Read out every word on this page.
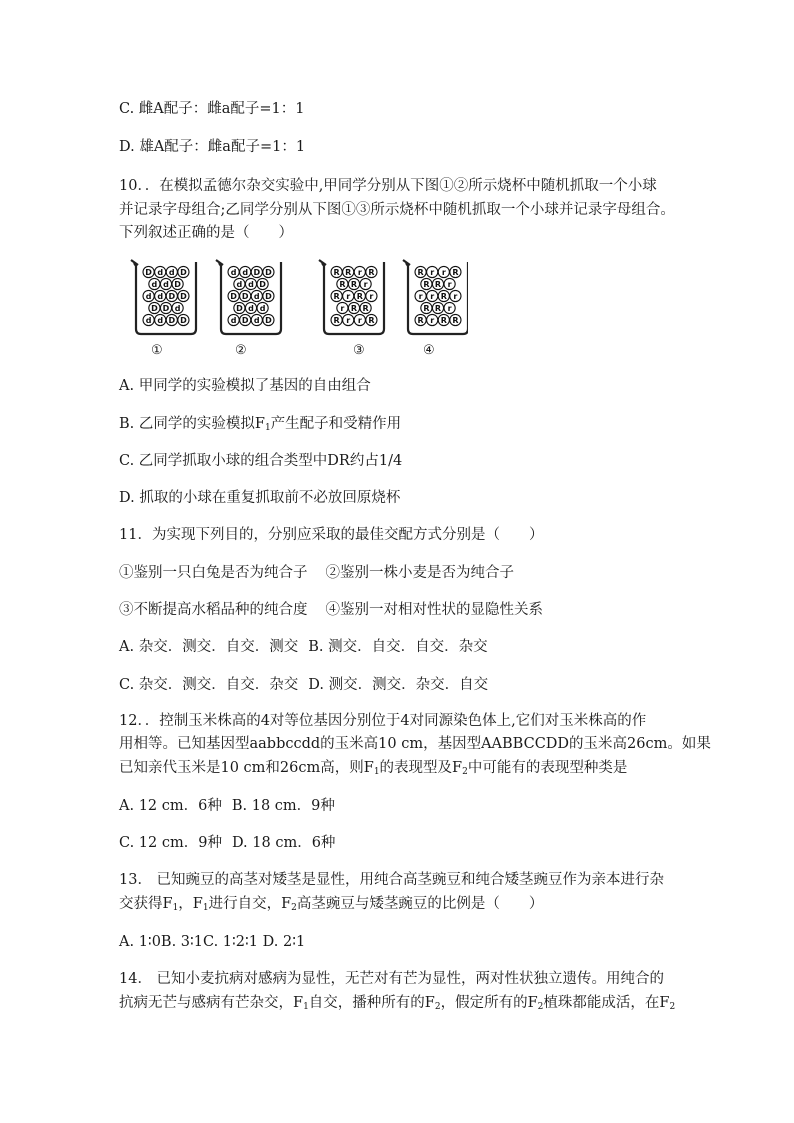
C. 雌A配子：雌a配子=1：1
D. 雄A配子：雌a配子=1：1
10．．在模拟孟德尔杂交实验中,甲同学分别从下图①②所示烧杯中随机抓取一个小球
并记录字母组合;乙同学分别从下图①③所示烧杯中随机抓取一个小球并记录字母组合。
下列叙述正确的是（　　）
D d d D
d d D
d d D D
D D d
d d D D
d d D D
d d D
D D d D
D d d
d D d D
R R r R
R R r
R r R r
r R R
R r r R
R r r R
R R r
r r R r
R R r
R r R R
①	②	③	④
A. 甲同学的实验模拟了基因的自由组合
B. 乙同学的实验模拟$F_1$产生配子和受精作用
C. 乙同学抓取小球的组合类型中DR约占1/4
D. 抓取的小球在重复抓取前不必放回原烧杯
11．为实现下列目的，分别应采取的最佳交配方式分别是（　　）
①鉴别一只白兔是否为纯合子 ②鉴别一株小麦是否为纯合子
③不断提高水稻品种的纯合度 ④鉴别一对相对性状的显隐性关系
A. 杂交．测交．自交．测交 B. 测交．自交．自交．杂交
C. 杂交．测交．自交．杂交 D. 测交．测交．杂交．自交
12．．控制玉米株高的4对等位基因分别位于4对同源染色体上,它们对玉米株高的作
用相等。已知基因型aabbccdd的玉米高10 cm，基因型AABBCCDD的玉米高26cm。如果
已知亲代玉米是10 cm和26cm高，则$F_1$的表现型及$F_2$中可能有的表现型种类是
A. 12 cm．6种 B. 18 cm．9种
C. 12 cm．9种 D. 18 cm．6种
13． 已知豌豆的高茎对矮茎是显性，用纯合高茎豌豆和纯合矮茎豌豆作为亲本进行杂
交获得$F_1$，$F_1$进行自交，$F_2$高茎豌豆与矮茎豌豆的比例是（　　）
A. 1∶0B. 3∶1C. 1∶2∶1 D. 2∶1
14． 已知小麦抗病对感病为显性，无芒对有芒为显性，两对性状独立遗传。用纯合的
抗病无芒与感病有芒杂交，$F_1$自交，播种所有的$F_2$，假定所有的$F_2$植珠都能成活，在$F_2$
